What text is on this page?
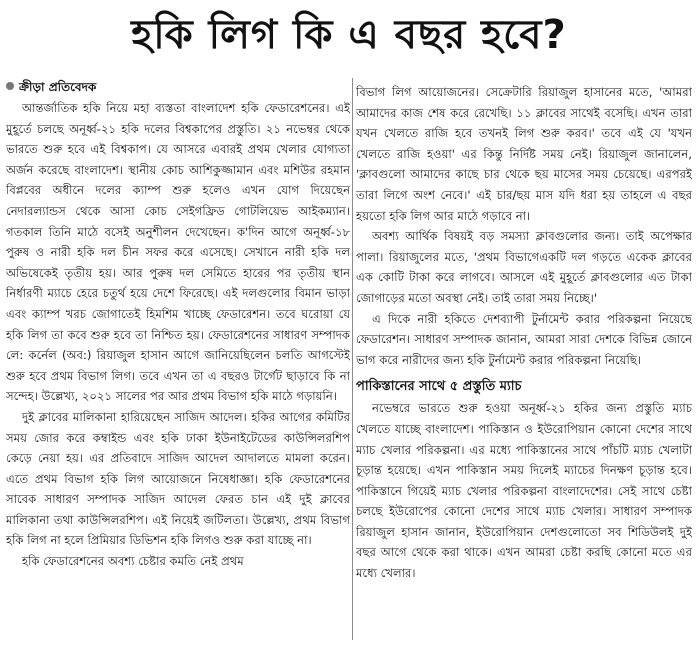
হকি লিগ কি এ বছর হবে?
ক্রীড়া প্রতিবেদক

আন্তর্জাতিক হকি নিয়ে মহা ব্যস্ততা বাংলাদেশ হকি ফেডারেশনের। এই মুহূর্তে চলছে অনূর্ধ্ব-২১ হকি দলের বিশ্বকাপের প্রস্তুতি। ২১ নভেম্বর থেকে ভারতে শুরু হবে এই বিশ্বকাপ। যে আসরে এবারই প্রথম খেলার যোগ্যতা অর্জন করেছে বাংলাদেশ। স্থানীয় কোচ আশিকুজ্জামান এবং মশিউর রহমান বিপ্লবের অধীনে দলের ক্যাম্প শুরু হলেও এখন যোগ দিয়েছেন নেদারল্যান্ডস থেকে আসা কোচ সেইগফ্রিড গোটলিয়েভ আইকম্যান। গতকাল তিনি মাঠে বসেই অনুশীলন দেখেছেন। ক'দিন আগে অনূর্ধ্ব-১৮ পুরুষ ও নারী হকি দল চীন সফর করে এসেছে। সেখানে নারী হকি দল অভিষেকেই তৃতীয় হয়। আর পুরুষ দল সেমিতে হারের পর তৃতীয় স্থান নির্ধারণী ম্যাচে হেরে চতুর্থ হয়ে দেশে ফিরেছে। এই দলগুলোর বিমান ভাড়া এবং ক্যাম্প খরচ জোগাতেই হিমশিম খাচ্ছে ফেডারেশন। তবে ঘরোয়া যে হকি লিগ তা কবে শুরু হবে তা নিশ্চিত হয়। ফেডারেশনের সাধারণ সম্পাদক লে: কর্নেল (অব:) রিয়াজুল হাসান আগে জানিয়েছিলেন চলতি আগস্টেই শুরু হবে প্রথম বিভাগ লিগ। তবে এখন তা এ বছরও টার্গেট ছাড়াবে কি না সন্দেহ। উল্লেখ্য, ২০২১ সালের পর আর প্রথম বিভাগ হকি মাঠে গড়ায়নি।

দুই ক্লাবের মালিকানা হারিয়েছেন সাজিদ আদেল। হকির আগের কমিটির সময় জোর করে কম্বাইন্ড এবং হকি ঢাকা ইউনাইটেডের কাউন্সিলরশিপ কেড়ে নেয়া হয়। এর প্রতিবাদে সাজিদ আদেল আদালতে মামলা করেন। এতে প্রথম বিভাগ হকি লিগ আয়োজনে নিষেধাজ্ঞা। হকি ফেডারেশনের সাবেক সাধারণ সম্পাদক সাজিদ আদেল ফেরত চান এই দুই ক্লাবের মালিকানা তথা কাউন্সিলরশিপ। এই নিয়েই জটিলতা। উল্লেখ্য, প্রথম বিভাগ হকি লিগ না হলে প্রিমিয়ার ডিভিশন হকি লিগও শুরু করা যাচ্ছে না।

হকি ফেডারেশনের অবশ্য চেষ্টার কমতি নেই প্রথম

বিভাগ লিগ আয়োজনের। সেক্রেটারি রিয়াজুল হাসানের মতে, 'আমরা আমাদের কাজ শেষ করে রেখেছি। ১১ ক্লাবের সাথেই বসেছি। এখন তারা যখন খেলতে রাজি হবে তখনই লিগ শুরু করব।' তবে এই যে 'যখন খেলতে রাজি হওয়া' এর কিন্তু নির্দিষ্ট সময় নেই। রিয়াজুল জানালেন, 'ক্লাবগুলো আমাদের কাছে চার থেকে ছয় মাসের সময় চেয়েছে। এরপরই তারা লিগে অংশ নেবে।' এই চার/ছয় মাস যদি ধরা হয় তাহলে এ বছর হয়তো হকি লিগ আর মাঠে গড়াবে না।

অবশ্য আর্থিক বিষয়ই বড় সমস্যা ক্লাবগুলোর জন্য। তাই অপেক্ষার পালা। রিয়াজুলের মতে, 'প্রথম বিভাগেএকটি দল গড়তে একেক ক্লাবের এক কোটি টাকা করে লাগবে। আসলে এই মুহূর্তে ক্লাবগুলোর এত টাকা জোগাড়ের মতো অবস্থা নেই। তাই তারা সময় নিচ্ছে।'

এ দিকে নারী হকিতে দেশব্যাপী টুর্নামেন্ট করার পরিকল্পনা নিয়েছে ফেডারেশন। সাধারণ সম্পাদক জানান, আমরা সারা দেশকে বিভিন্ন জোনে ভাগ করে নারীদের জন্য হকি টুর্নামেন্ট করার পরিকল্পনা নিয়েছি।

পাকিস্তানের সাথে ৫ প্রস্তুতি ম্যাচ

নভেম্বরে ভারতে শুরু হওয়া অনূর্ধ্ব-২১ হকির জন্য প্রস্তুতি ম্যাচ খেলতে যাচ্ছে বাংলাদেশ। পাকিস্তান ও ইউরোপিয়ান কোনো দেশের সাথে ম্যাচ খেলার পরিকল্পনা। এর মধ্যে পাকিস্তানের সাথে পাঁচটি ম্যাচ খেলাটা চূড়ান্ত হয়েছে। এখন পাকিস্তান সময় দিলেই ম্যাচের দিনক্ষণ চূড়ান্ত হবে। পাকিস্তানে গিয়েই ম্যাচ খেলার পরিকল্পনা বাংলাদেশের। সেই সাথে চেষ্টা চলছে ইউরোপের কোনো দেশের সাথে ম্যাচ খেলার। সাধারণ সম্পাদক রিয়াজুল হাসান জানান, ইউরোপিয়ান দেশগুলোতো সব শিডিউলই দুই বছর আগে থেকে করা থাকে। এখন আমরা চেষ্টা করছি কোনো মতে এর মধ্যে খেলার।
